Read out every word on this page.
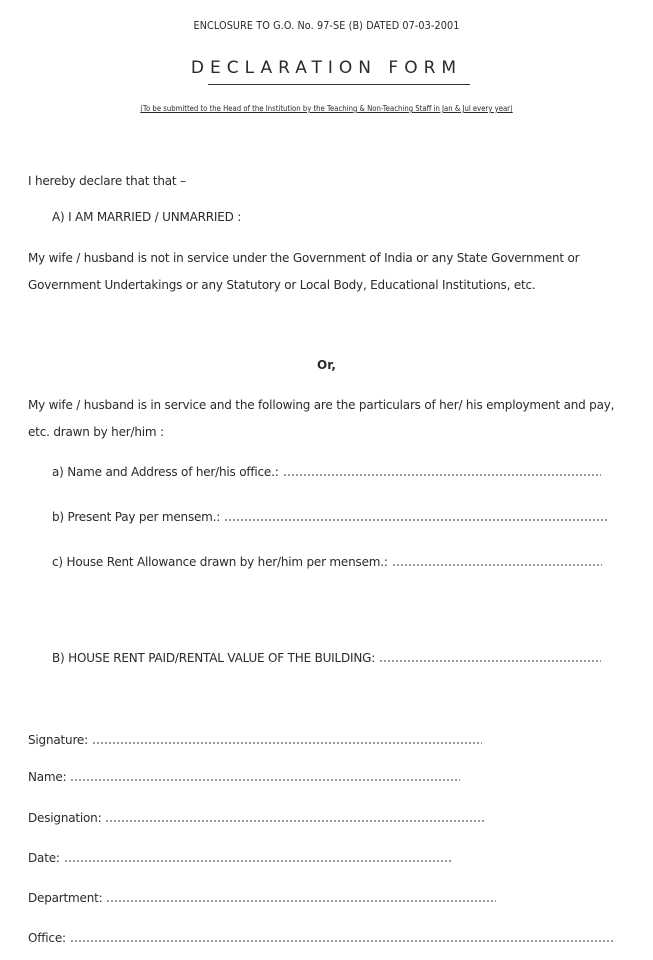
ENCLOSURE TO G.O. No. 97-SE (B) DATED 07-03-2001
DECLARATION FORM
(To be submitted to the Head of the Institution by the Teaching & Non-Teaching Staff in Jan & Jul every year)
I hereby declare that that –
A) I AM MARRIED / UNMARRIED :
My wife / husband is not in service under the Government of India or any State Government or
Government Undertakings or any Statutory or Local Body, Educational Institutions, etc.
Or,
My wife / husband is in service and the following are the particulars of her/ his employment and pay,
etc. drawn by her/him :
a) Name and Address of her/his office.:
b) Present Pay per mensem.:
c) House Rent Allowance drawn by her/him per mensem.:
B) HOUSE RENT PAID/RENTAL VALUE OF THE BUILDING:
Signature:
Name:
Designation:
Date:
Department:
Office:
